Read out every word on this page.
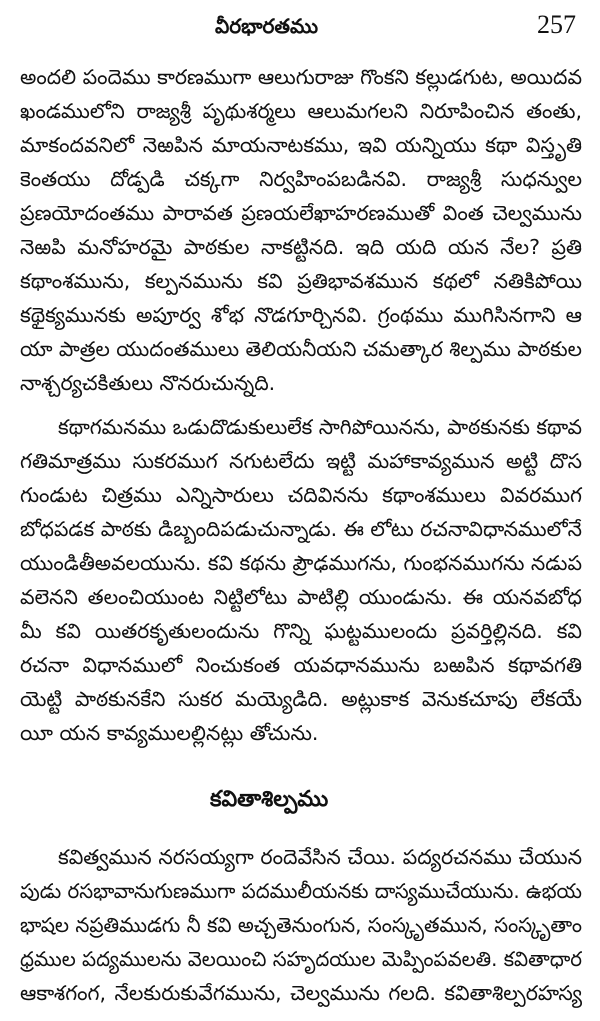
వీరభారతము	257
అందలి పందెము కారణముగా ఆలుగురాజు గొంకని కల్లుడగుట, అయిదవ
ఖండములోని రాజ్యశ్రీ పృథుశర్మలు ఆలుమగలని నిరూపించిన తంతు,
మాకందవనిలో నెఱపిన మాయనాటకము, ఇవి యన్నియు కథా విస్తృతి
కెంతయు దోడ్పడి చక్కగా నిర్వహింపబడినవి. రాజ్యశ్రీ సుధన్వుల
ప్రణయోదంతము పారావత ప్రణయలేఖాహరణముతో వింత చెల్వమును
నెఱపి మనోహరమై పాఠకుల నాకట్టినది. ఇది యది యన నేల? ప్రతి
కథాంశమును, కల్పనమును కవి ప్రతిభావశమున కథలో నతికిపోయి
కథైక్యమునకు అపూర్వ శోభ నొడగూర్చినవి. గ్రంథము ముగిసినగాని ఆ
యా పాత్రల యుదంతములు తెలియనీయని చమత్కార శిల్పము పాఠకుల
నాశ్చర్యచకితులు నొనరుచున్నది.
కథాగమనము ఒడుదొడుకులులేక సాగిపోయినను, పాఠకునకు కథావ
గతిమాత్రము సుకరముగ నగుటలేదు ఇట్టి మహాకావ్యమున అట్టి దొస
గుండుట చిత్రము ఎన్నిసారులు చదివినను కథాంశములు వివరముగ
బోధపడక పాఠకు డిబ్బందిపడుచున్నాడు. ఈ లోటు రచనావిధానములోనే
యుండితీఅవలయును. కవి కథను ప్రౌఢముగను, గుంభనముగను నడుప
వలెనని తలంచియుంట నిట్టిలోటు పాటిల్లి యుండును. ఈ యనవబోధ
మీ కవి యితరకృతులందును గొన్ని ఘట్టములందు ప్రవర్తిల్లినది. కవి
రచనా విధానములో నించుకంత యవధానమును బఱపిన కథావగతి
యెట్టి పాఠకునకేని సుకర మయ్యెడిది. అట్లుకాక వెనుకచూపు లేకయే
యీ యన కావ్యములల్లినట్లు తోచును.
కవితాశిల్పము
కవిత్వమున నరసయ్యగా రందెవేసిన చేయి. పద్యరచనము చేయున
పుడు రసభావానుగుణముగా పదములీయనకు దాస్యముచేయును. ఉభయ
భాషల నప్రతిముడగు నీ కవి అచ్చతెనుంగున, సంస్కృతమున, సంస్కృతాం
ధ్రముల పద్యములను వెలయించి సహృదయుల మెప్పింపవలతి. కవితాధార
ఆకాశగంగ, నేలకురుకువేగమును, చెల్వమును గలది. కవితాశిల్పరహస్య
